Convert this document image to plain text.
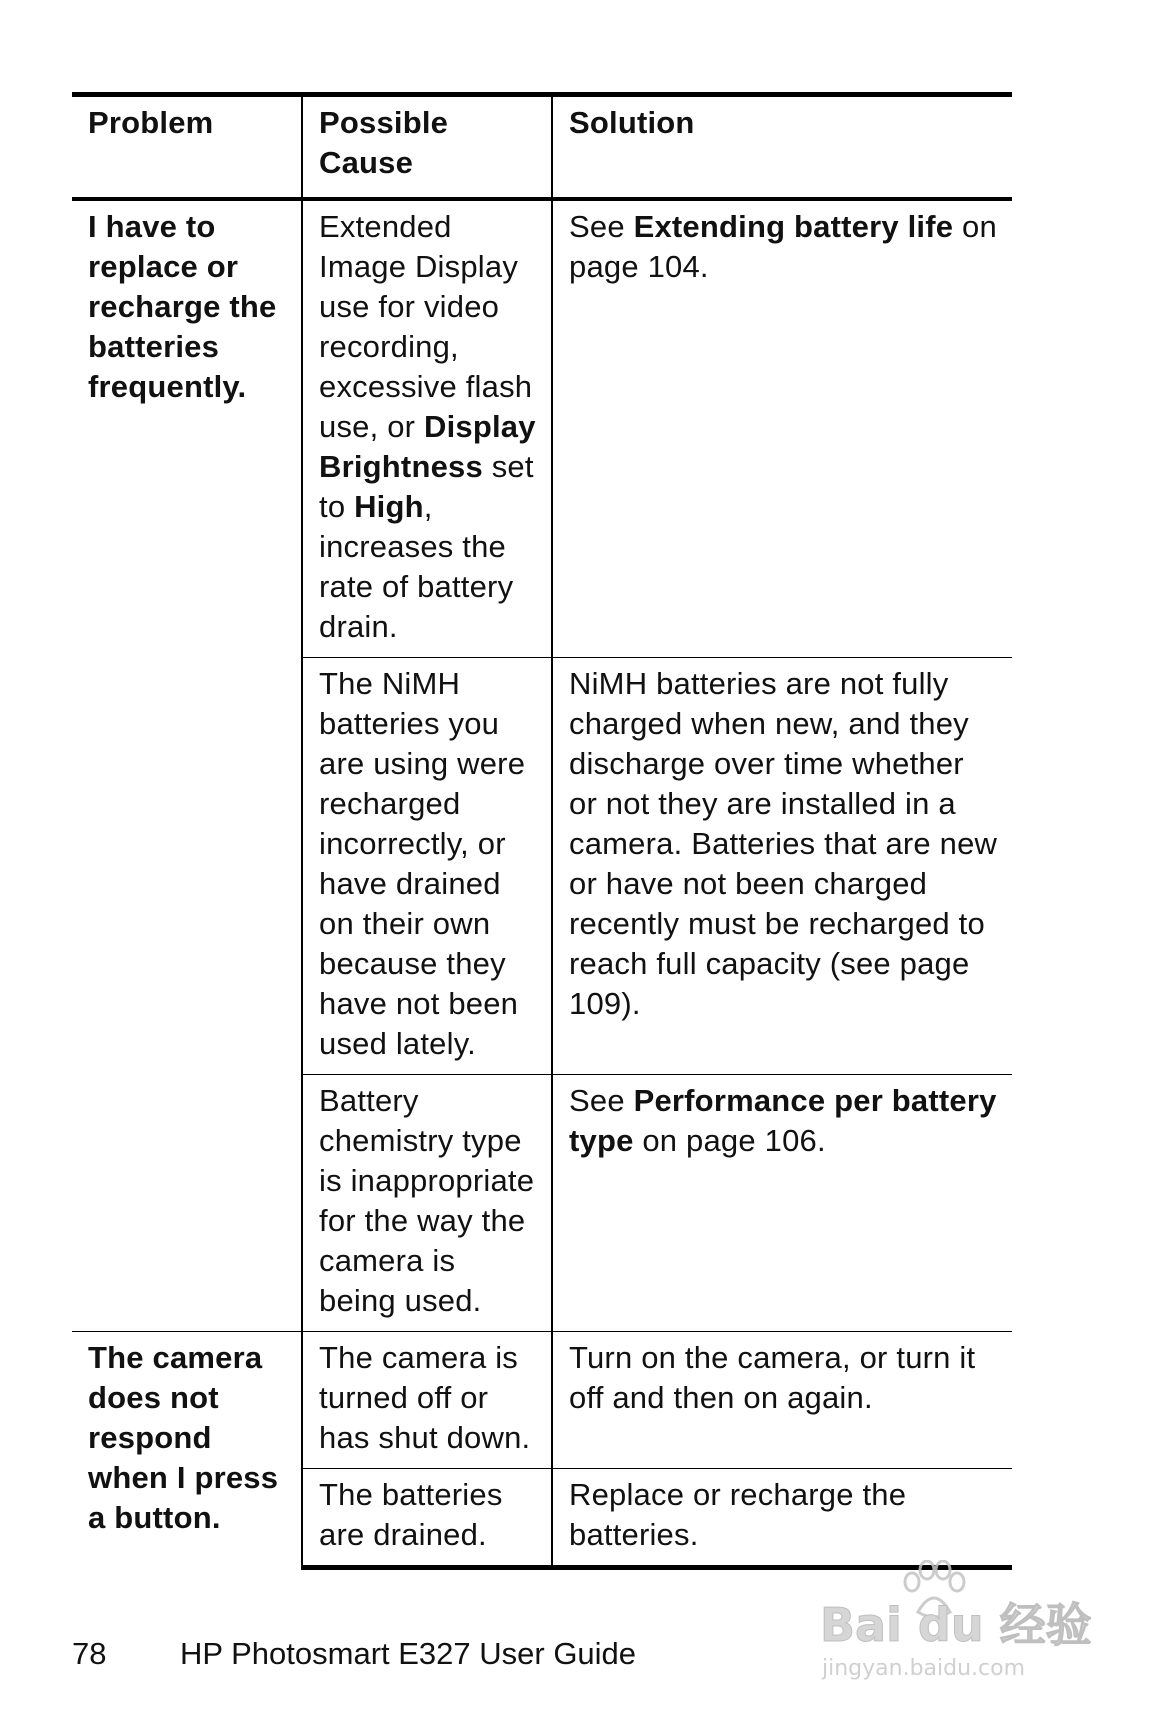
Problem	Possible Cause	Solution
I have to replace or recharge the batteries frequently.	Extended Image Display use for video recording, excessive flash use, or Display Brightness set to High, increases the rate of battery drain.	See Extending battery life on page 104.
	The NiMH batteries you are using were recharged incorrectly, or have drained on their own because they have not been used lately.	NiMH batteries are not fully charged when new, and they discharge over time whether or not they are installed in a camera. Batteries that are new or have not been charged recently must be recharged to reach full capacity (see page 109).
	Battery chemistry type is inappropriate for the way the camera is being used.	See Performance per battery type on page 106.
The camera does not respond when I press a button.	The camera is turned off or has shut down.	Turn on the camera, or turn it off and then on again.
	The batteries are drained.	Replace or recharge the batteries.
78 HP Photosmart E327 User Guide
Bai du 经验
jingyan.baidu.com
